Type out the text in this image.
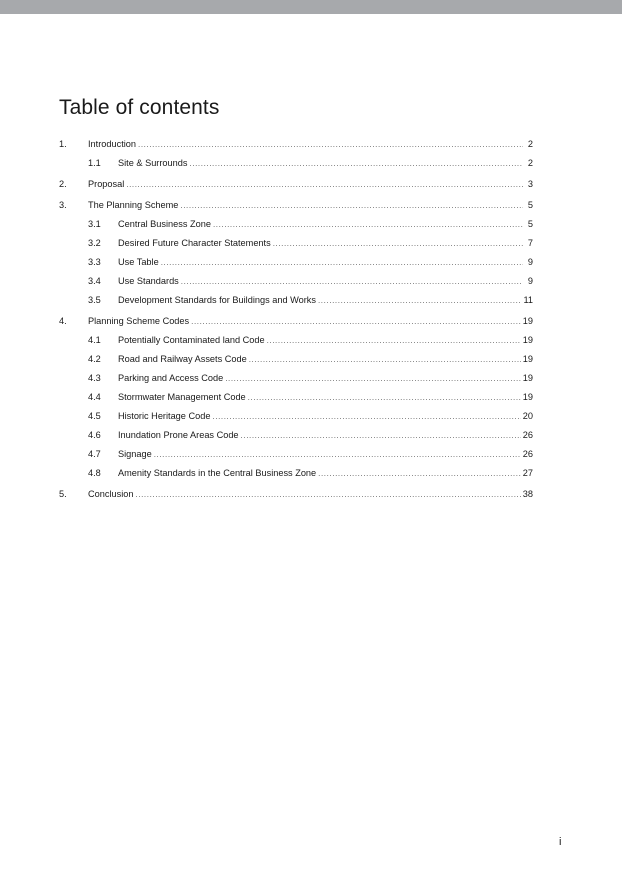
Table of contents
1.	Introduction .....	2
1.1	Site & Surrounds .....	2
2.	Proposal .....	3
3.	The Planning Scheme .....	5
3.1	Central Business Zone .....	5
3.2	Desired Future Character Statements .....	7
3.3	Use Table .....	9
3.4	Use Standards .....	9
3.5	Development Standards for Buildings and Works .....	11
4.	Planning Scheme Codes .....	19
4.1	Potentially Contaminated land Code .....	19
4.2	Road and Railway Assets Code .....	19
4.3	Parking and Access Code .....	19
4.4	Stormwater Management Code .....	19
4.5	Historic Heritage Code .....	20
4.6	Inundation Prone Areas Code .....	26
4.7	Signage .....	26
4.8	Amenity Standards in the Central Business Zone .....	27
5.	Conclusion .....	38
i
